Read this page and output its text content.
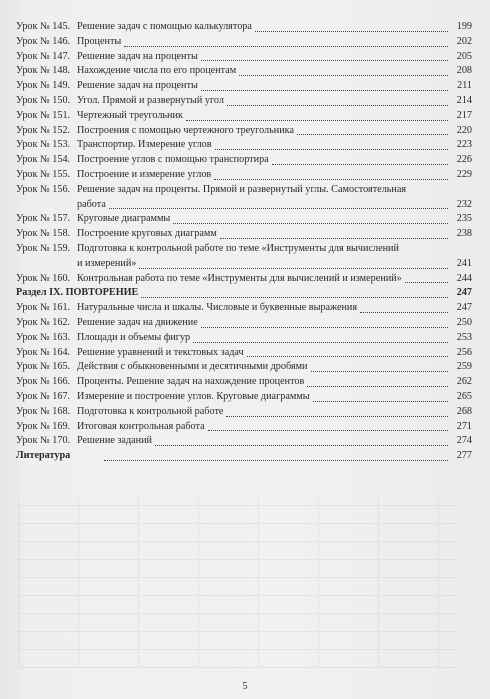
Урок № 145. Решение задач с помощью калькулятора	199
Урок № 146. Проценты	202
Урок № 147. Решение задач на проценты	205
Урок № 148. Нахождение числа по его процентам	208
Урок № 149. Решение задач на проценты	211
Урок № 150. Угол. Прямой и развернутый угол	214
Урок № 151. Чертежный треугольник	217
Урок № 152. Построения с помощью чертежного треугольника	220
Урок № 153. Транспортир. Измерение углов	223
Урок № 154. Построение углов с помощью транспортира	226
Урок № 155. Построение и измерение углов	229
Урок № 156. Решение задач на проценты. Прямой и развернутый углы. Самостоятельная
работа	232
Урок № 157. Круговые диаграммы	235
Урок № 158. Построение круговых диаграмм	238
Урок № 159. Подготовка к контрольной работе по теме «Инструменты для вычислений
и измерений»	241
Урок № 160. Контрольная работа по теме «Инструменты для вычислений и измерений»	244
Раздел IX. ПОВТОРЕНИЕ	247
Урок № 161. Натуральные числа и шкалы. Числовые и буквенные выражения	247
Урок № 162. Решение задач на движение	250
Урок № 163. Площади и объемы фигур	253
Урок № 164. Решение уравнений и текстовых задач	256
Урок № 165. Действия с обыкновенными и десятичными дробями	259
Урок № 166. Проценты. Решение задач на нахождение процентов	262
Урок № 167. Измерение и построение углов. Круговые диаграммы	265
Урок № 168. Подготовка к контрольной работе	268
Урок № 169. Итоговая контрольная работа	271
Урок № 170. Решение заданий	274
Литература	277
5
